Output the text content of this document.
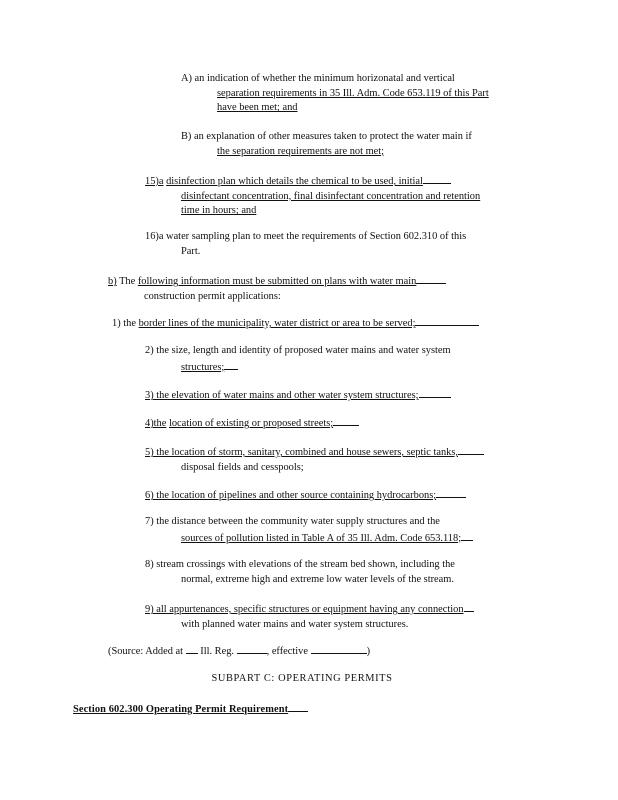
A) an indication of whether the minimum horizonatal and vertical
separation requirements in 35 Ill. Adm. Code 653.119 of this Part
have been met; and
B) an explanation of other measures taken to protect the water main if
the separation requirements are not met;
15)a disinfection plan which details the chemical to be used, initial
disinfectant concentration, final disinfectant concentration and retention
time in hours; and
16)a water sampling plan to meet the requirements of Section 602.310 of this
Part.
b) The following information must be submitted on plans with water main
construction permit applications:
1) the border lines of the municipality, water district or area to be served;
2) the size, length and identity of proposed water mains and water system
structures;
3) the elevation of water mains and other water system structures;
4)the location of existing or proposed streets;
5) the location of storm, sanitary, combined and house sewers, septic tanks,
disposal fields and cesspools;
6) the location of pipelines and other source containing hydrocarbons;
7) the distance between the community water supply structures and the
sources of pollution listed in Table A of 35 Ill. Adm. Code 653.118;
8) stream crossings with elevations of the stream bed shown, including the
normal, extreme high and extreme low water levels of the stream.
9) all appurtenances, specific structures or equipment having any connection
with planned water mains and water system structures.
(Source: Added at Ill. Reg.	, effective	)
SUBPART C: OPERATING PERMITS
Section 602.300 Operating Permit Requirement
